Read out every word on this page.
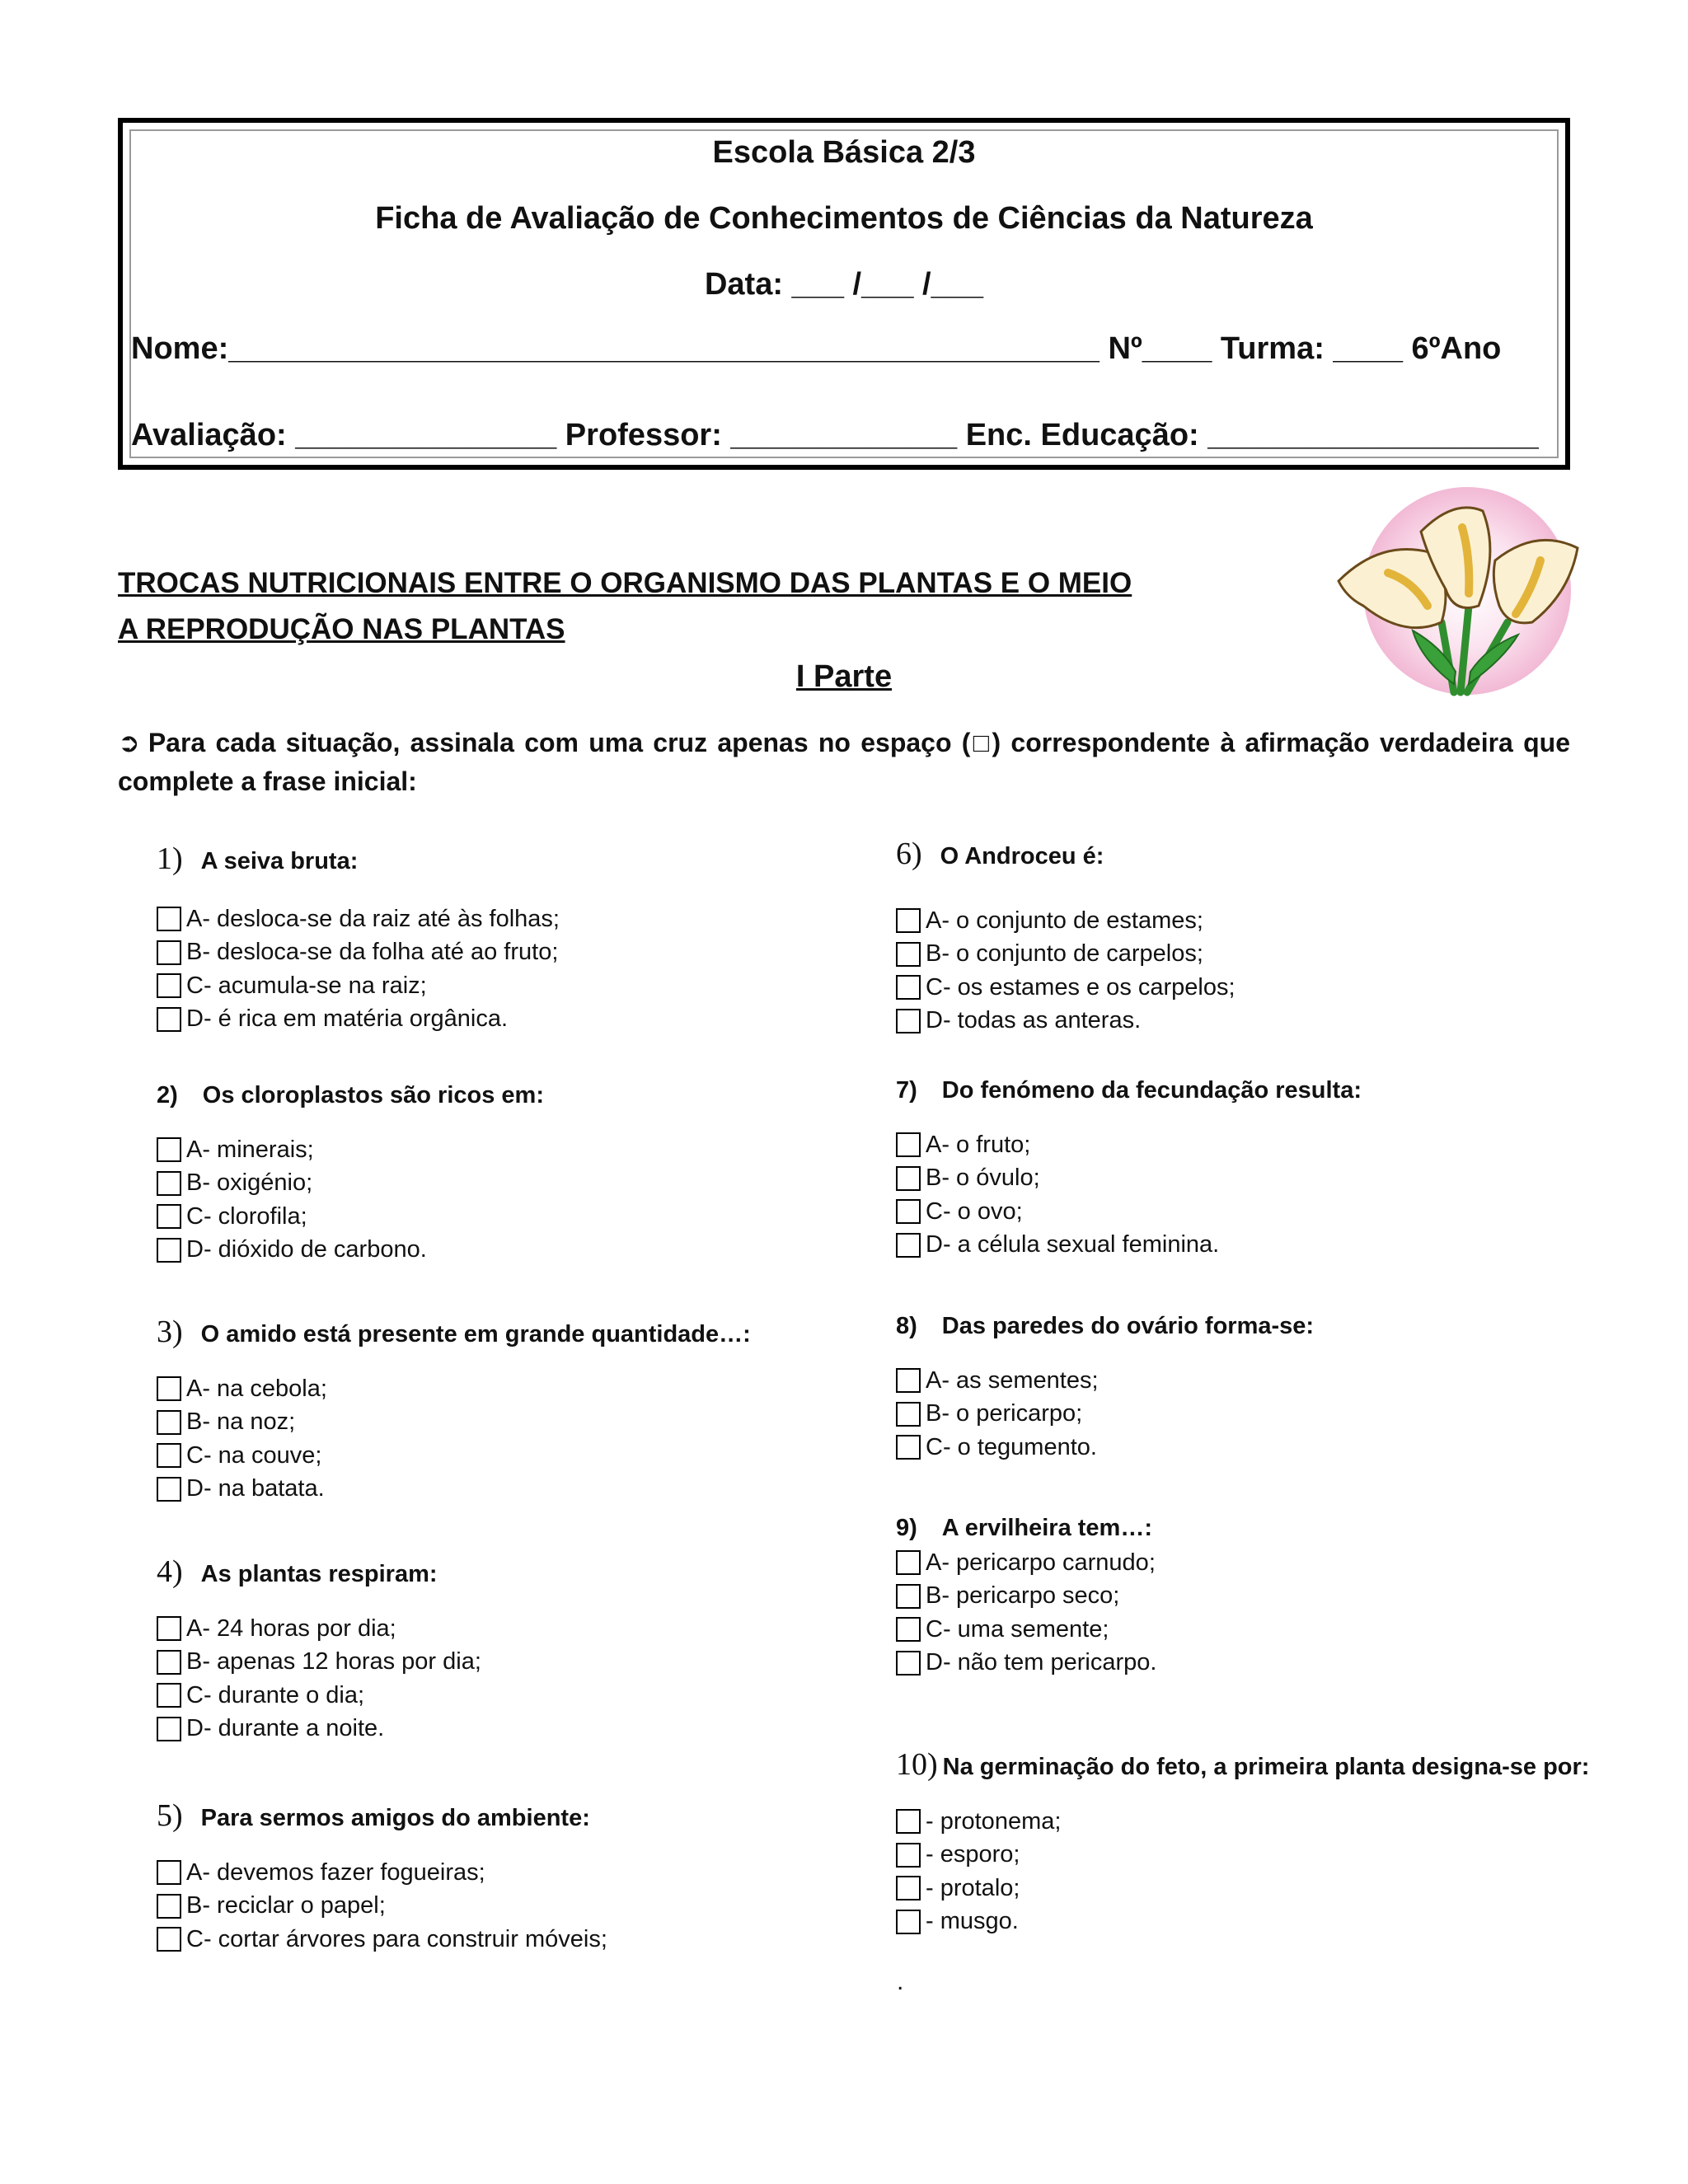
Escola Básica 2/3
Ficha de Avaliação de Conhecimentos de Ciências da Natureza
Data: ___ /___ /___
Nome:__________________________________________________ Nº____ Turma: ____ 6ºAno
Avaliação: _______________ Professor: _____________ Enc. Educação: ___________________
TROCAS NUTRICIONAIS ENTRE O ORGANISMO DAS PLANTAS E O MEIO
A REPRODUÇÃO NAS PLANTAS
I Parte
➲ Para cada situação, assinala com uma cruz apenas no espaço (□) correspondente à afirmação verdadeira que complete a frase inicial:
1) A seiva bruta:
A- desloca-se da raiz até às folhas;
B- desloca-se da folha até ao fruto;
C- acumula-se na raiz;
D- é rica em matéria orgânica.
2) Os cloroplastos são ricos em:
A- minerais;
B- oxigénio;
C- clorofila;
D- dióxido de carbono.
3) O amido está presente em grande quantidade…:
A- na cebola;
B- na noz;
C- na couve;
D- na batata.
4) As plantas respiram:
A- 24 horas por dia;
B- apenas 12 horas por dia;
C- durante o dia;
D- durante a noite.
5) Para sermos amigos do ambiente:
A- devemos fazer fogueiras;
B- reciclar o papel;
C- cortar árvores para construir móveis;
6) O Androceu é:
A- o conjunto de estames;
B- o conjunto de carpelos;
C- os estames e os carpelos;
D- todas as anteras.
7) Do fenómeno da fecundação resulta:
A- o fruto;
B- o óvulo;
C- o ovo;
D- a célula sexual feminina.
8) Das paredes do ovário forma-se:
A- as sementes;
B- o pericarpo;
C- o tegumento.
9) A ervilheira tem…:
A- pericarpo carnudo;
B- pericarpo seco;
C- uma semente;
D- não tem pericarpo.
10) Na germinação do feto, a primeira planta designa-se por:
- protonema;
- esporo;
- protalo;
- musgo.
.
